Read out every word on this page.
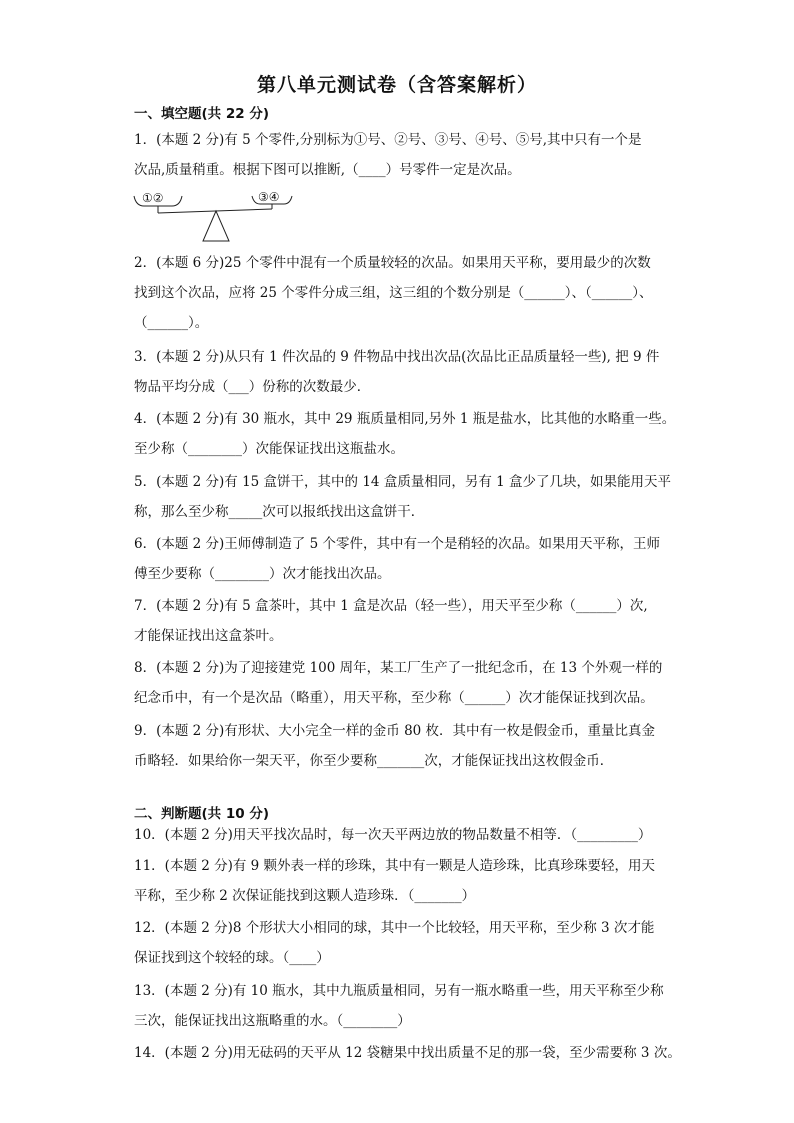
第八单元测试卷（含答案解析）
一、填空题(共 22 分)
1．(本题 2 分)有 5 个零件,分别标为①号、②号、③号、④号、⑤号,其中只有一个是
次品,质量稍重。根据下图可以推断,（____）号零件一定是次品。
①②	③④
2．(本题 6 分)25 个零件中混有一个质量较轻的次品。如果用天平称，要用最少的次数
找到这个次品，应将 25 个零件分成三组，这三组的个数分别是（______）、（______）、
（______）。
3．(本题 2 分)从只有 1 件次品的 9 件物品中找出次品(次品比正品质量轻一些), 把 9 件
物品平均分成（___）份称的次数最少．
4．(本题 2 分)有 30 瓶水，其中 29 瓶质量相同,另外 1 瓶是盐水，比其他的水略重一些。
至少称（________）次能保证找出这瓶盐水。
5．(本题 2 分)有 15 盒饼干，其中的 14 盒质量相同，另有 1 盒少了几块，如果能用天平
称，那么至少称_____次可以报纸找出这盒饼干．
6．(本题 2 分)王师傅制造了 5 个零件，其中有一个是稍轻的次品。如果用天平称，王师
傅至少要称（________）次才能找出次品。
7．(本题 2 分)有 5 盒茶叶，其中 1 盒是次品（轻一些），用天平至少称（______）次,
才能保证找出这盒茶叶。
8．(本题 2 分)为了迎接建党 100 周年，某工厂生产了一批纪念币，在 13 个外观一样的
纪念币中，有一个是次品（略重），用天平称，至少称（______）次才能保证找到次品。
9．(本题 2 分)有形状、大小完全一样的金币 80 枚．其中有一枚是假金币，重量比真金
币略轻．如果给你一架天平，你至少要称_______次，才能保证找出这枚假金币．
二、判断题(共 10 分)
10．(本题 2 分)用天平找次品时，每一次天平两边放的物品数量不相等．（_________）
11．(本题 2 分)有 9 颗外表一样的珍珠，其中有一颗是人造珍珠，比真珍珠要轻，用天
平称，至少称 2 次保证能找到这颗人造珍珠．（_______）
12．(本题 2 分)8 个形状大小相同的球，其中一个比较轻，用天平称，至少称 3 次才能
保证找到这个较轻的球。（____）
13．(本题 2 分)有 10 瓶水，其中九瓶质量相同，另有一瓶水略重一些，用天平称至少称
三次，能保证找出这瓶略重的水。（________）
14．(本题 2 分)用无砝码的天平从 12 袋糖果中找出质量不足的那一袋，至少需要称 3 次。
